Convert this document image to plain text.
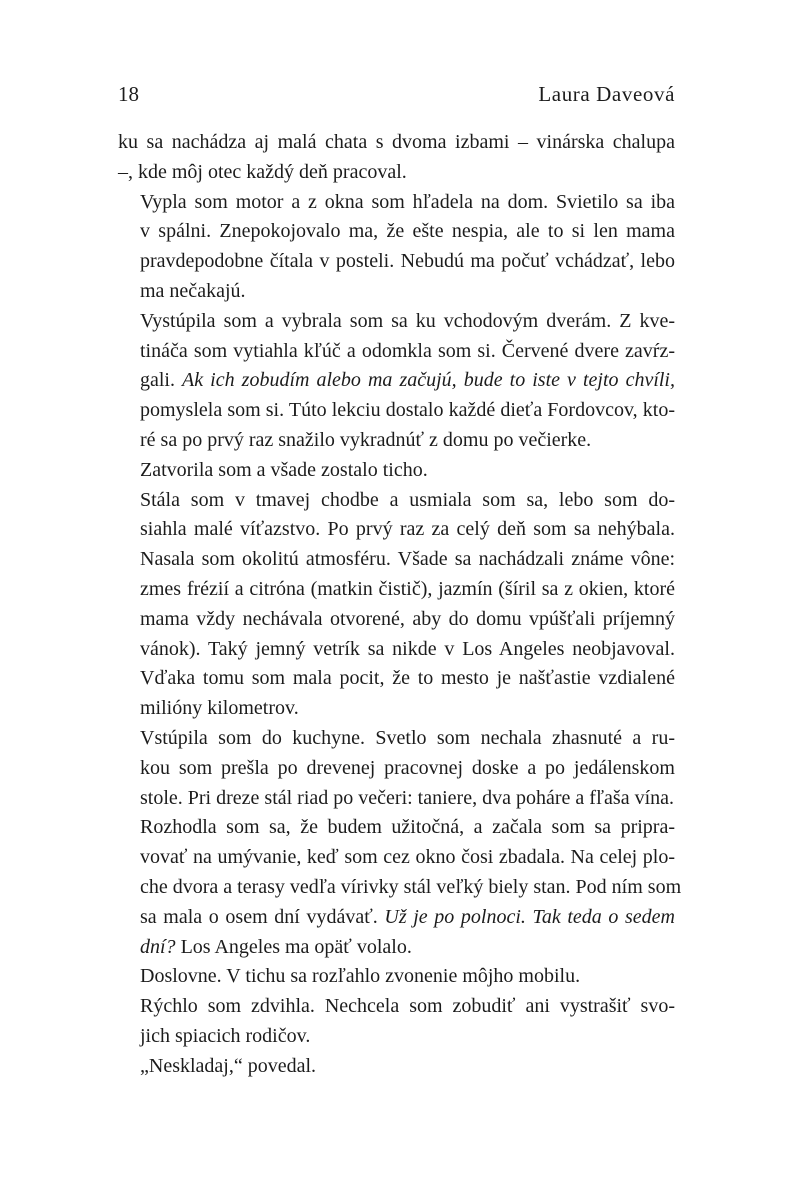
18	Laura Daveová

ku sa nachádza aj malá chata s dvoma izbami – vinárska chalupa
–, kde môj otec každý deň pracoval.

Vypla som motor a z okna som hľadela na dom. Svietilo sa iba
v spálni. Znepokojovalo ma, že ešte nespia, ale to si len mama
pravdepodobne čítala v posteli. Nebudú ma počuť vchádzať, lebo
ma nečakajú.

Vystúpila som a vybrala som sa ku vchodovým dverám. Z kve-
tináča som vytiahla kľúč a odomkla som si. Červené dvere zavŕz-
gali. Ak ich zobudím alebo ma začujú, bude to iste v tejto chvíli,
pomyslela som si. Túto lekciu dostalo každé dieťa Fordovcov, kto-
ré sa po prvý raz snažilo vykradnúť z domu po večierke.

Zatvorila som a všade zostalo ticho.

Stála som v tmavej chodbe a usmiala som sa, lebo som do-
siahla malé víťazstvo. Po prvý raz za celý deň som sa nehýbala.
Nasala som okolitú atmosféru. Všade sa nachádzali známe vône:
zmes frézií a citróna (matkin čistič), jazmín (šíril sa z okien, ktoré
mama vždy nechávala otvorené, aby do domu vpúšťali príjemný
vánok). Taký jemný vetrík sa nikde v Los Angeles neobjavoval.
Vďaka tomu som mala pocit, že to mesto je našťastie vzdialené
milióny kilometrov.

Vstúpila som do kuchyne. Svetlo som nechala zhasnuté a ru-
kou som prešla po drevenej pracovnej doske a po jedálenskom
stole. Pri dreze stál riad po večeri: taniere, dva poháre a fľaša vína.

Rozhodla som sa, že budem užitočná, a začala som sa pripra-
vovať na umývanie, keď som cez okno čosi zbadala. Na celej plo-
che dvora a terasy vedľa vírivky stál veľký biely stan. Pod ním som
sa mala o osem dní vydávať. Už je po polnoci. Tak teda o sedem
dní? Los Angeles ma opäť volalo.

Doslovne. V tichu sa rozľahlo zvonenie môjho mobilu.

Rýchlo som zdvihla. Nechcela som zobudiť ani vystrašiť svo-
jich spiacich rodičov.

„Neskladaj,“ povedal.
